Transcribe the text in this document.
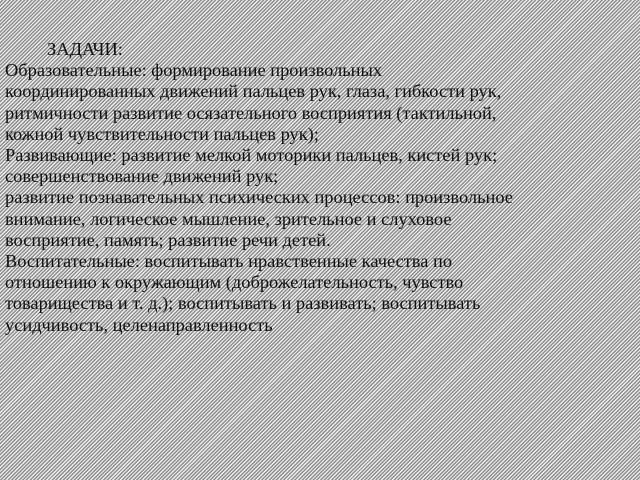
ЗАДАЧИ:
Образовательные: формирование произвольных
координированных движений пальцев рук, глаза, гибкости рук,
ритмичности развитие осязательного восприятия (тактильной,
кожной чувствительности пальцев рук);
Развивающие: развитие мелкой моторики пальцев, кистей рук;
совершенствование движений рук;
развитие познавательных психических процессов: произвольное
внимание, логическое мышление, зрительное и слуховое
восприятие, память; развитие речи детей.
Воспитательные: воспитывать нравственные качества по
отношению к окружающим (доброжелательность, чувство
товарищества и т. д.); воспитывать и развивать; воспитывать
усидчивость, целенаправленность
